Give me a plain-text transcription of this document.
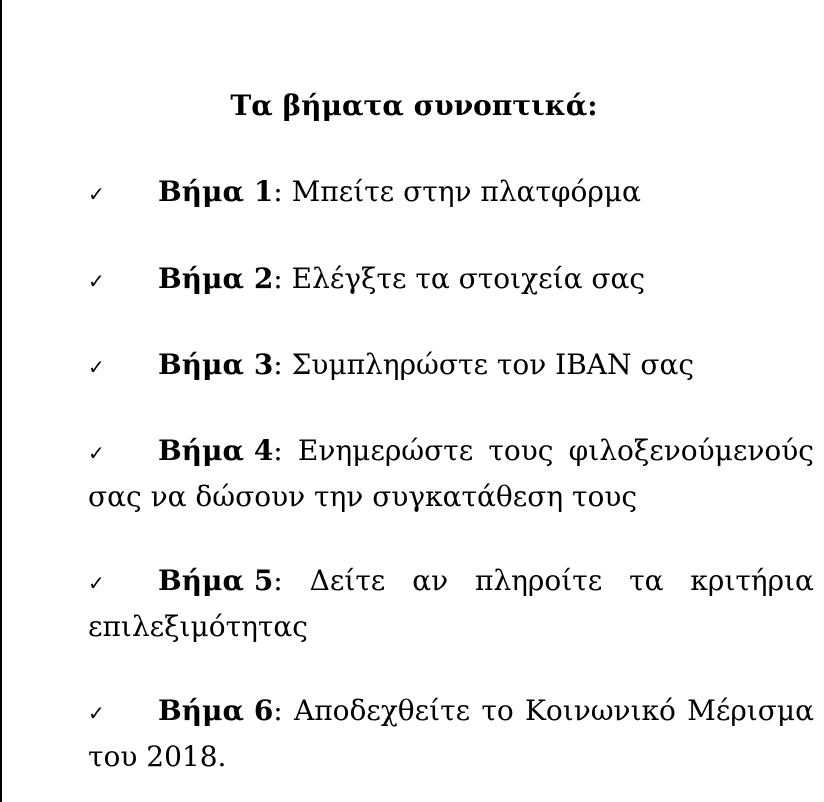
Τα βήματα συνοπτικά:
✓ Βήμα 1: Μπείτε στην πλατφόρμα
✓ Βήμα 2: Ελέγξτε τα στοιχεία σας
✓ Βήμα 3: Συμπληρώστε τον IBAN σας
✓ Βήμα 4: Ενημερώστε τους φιλοξενούμενούς
σας να δώσουν την συγκατάθεση τους
✓ Βήμα 5: Δείτε αν πληροίτε τα κριτήρια
επιλεξιμότητας
✓ Βήμα 6: Αποδεχθείτε το Κοινωνικό Μέρισμα
του 2018.
